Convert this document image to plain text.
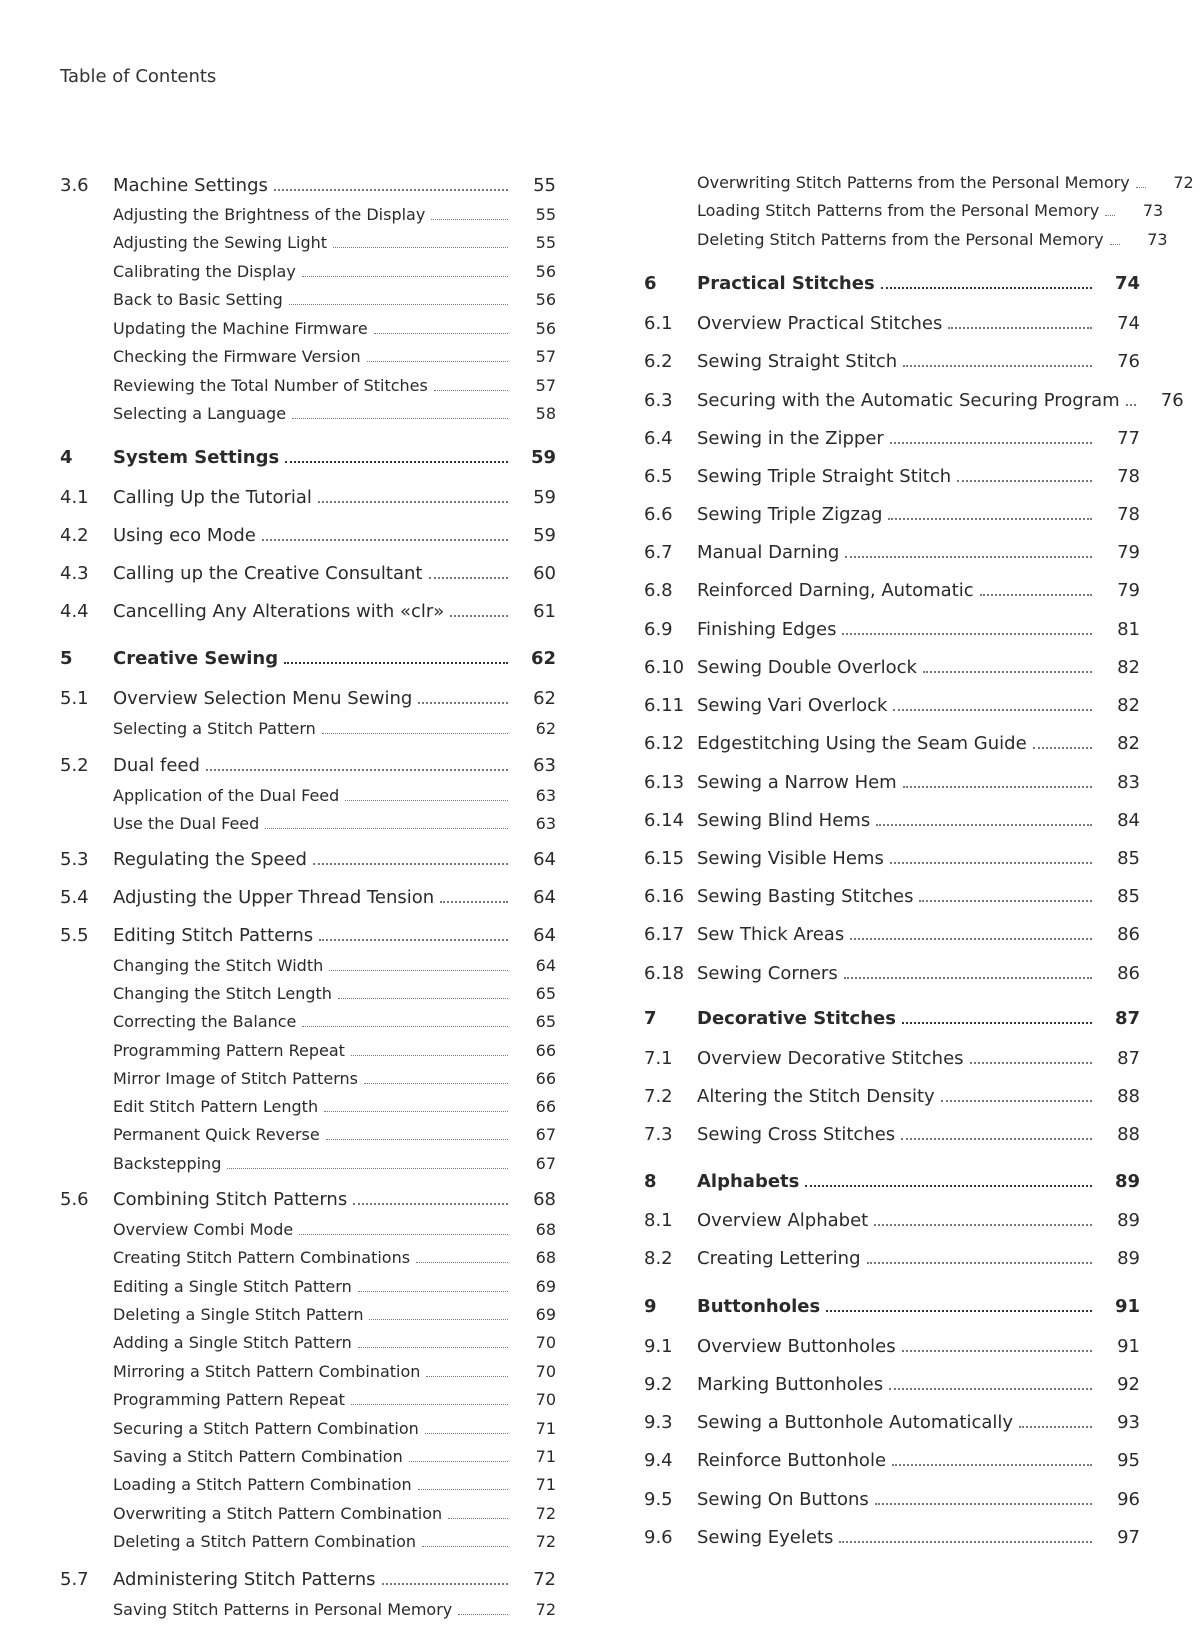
Table of Contents
3.6	Machine Settings	55
Adjusting the Brightness of the Display	55
Adjusting the Sewing Light	55
Calibrating the Display	56
Back to Basic Setting	56
Updating the Machine Firmware	56
Checking the Firmware Version	57
Reviewing the Total Number of Stitches	57
Selecting a Language	58
4	System Settings	59
4.1	Calling Up the Tutorial	59
4.2	Using eco Mode	59
4.3	Calling up the Creative Consultant	60
4.4	Cancelling Any Alterations with «clr»	61
5	Creative Sewing	62
5.1	Overview Selection Menu Sewing	62
Selecting a Stitch Pattern	62
5.2	Dual feed	63
Application of the Dual Feed	63
Use the Dual Feed	63
5.3	Regulating the Speed	64
5.4	Adjusting the Upper Thread Tension	64
5.5	Editing Stitch Patterns	64
Changing the Stitch Width	64
Changing the Stitch Length	65
Correcting the Balance	65
Programming Pattern Repeat	66
Mirror Image of Stitch Patterns	66
Edit Stitch Pattern Length	66
Permanent Quick Reverse	67
Backstepping	67
5.6	Combining Stitch Patterns	68
Overview Combi Mode	68
Creating Stitch Pattern Combinations	68
Editing a Single Stitch Pattern	69
Deleting a Single Stitch Pattern	69
Adding a Single Stitch Pattern	70
Mirroring a Stitch Pattern Combination	70
Programming Pattern Repeat	70
Securing a Stitch Pattern Combination	71
Saving a Stitch Pattern Combination	71
Loading a Stitch Pattern Combination	71
Overwriting a Stitch Pattern Combination	72
Deleting a Stitch Pattern Combination	72
5.7	Administering Stitch Patterns	72
Saving Stitch Patterns in Personal Memory	72
Overwriting Stitch Patterns from the Personal Memory	72
Loading Stitch Patterns from the Personal Memory	73
Deleting Stitch Patterns from the Personal Memory	73
6	Practical Stitches	74
6.1	Overview Practical Stitches	74
6.2	Sewing Straight Stitch	76
6.3	Securing with the Automatic Securing Program	76
6.4	Sewing in the Zipper	77
6.5	Sewing Triple Straight Stitch	78
6.6	Sewing Triple Zigzag	78
6.7	Manual Darning	79
6.8	Reinforced Darning, Automatic	79
6.9	Finishing Edges	81
6.10 Sewing Double Overlock	82
6.11 Sewing Vari Overlock	82
6.12 Edgestitching Using the Seam Guide	82
6.13 Sewing a Narrow Hem	83
6.14 Sewing Blind Hems	84
6.15 Sewing Visible Hems	85
6.16 Sewing Basting Stitches	85
6.17 Sew Thick Areas	86
6.18 Sewing Corners	86
7	Decorative Stitches	87
7.1	Overview Decorative Stitches	87
7.2	Altering the Stitch Density	88
7.3	Sewing Cross Stitches	88
8	Alphabets	89
8.1	Overview Alphabet	89
8.2	Creating Lettering	89
9	Buttonholes	91
9.1	Overview Buttonholes	91
9.2	Marking Buttonholes	92
9.3	Sewing a Buttonhole Automatically	93
9.4	Reinforce Buttonhole	95
9.5	Sewing On Buttons	96
9.6	Sewing Eyelets	97
